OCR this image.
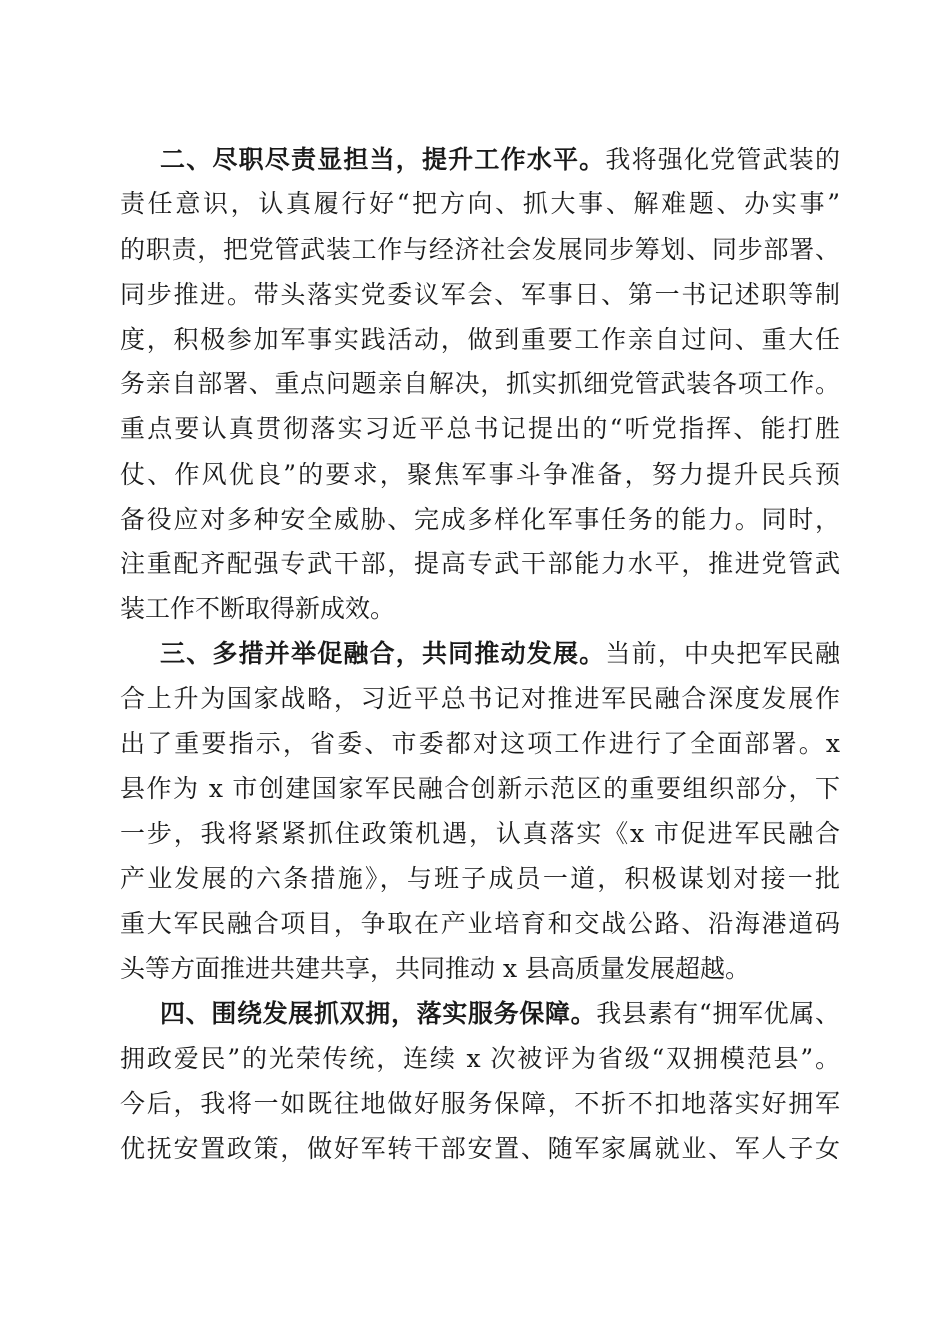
二、尽职尽责显担当，提升工作水平。我将强化党管武装的
责任意识，认真履行好“把方向、抓大事、解难题、办实事”
的职责，把党管武装工作与经济社会发展同步筹划、同步部署、
同步推进。带头落实党委议军会、军事日、第一书记述职等制
度，积极参加军事实践活动，做到重要工作亲自过问、重大任
务亲自部署、重点问题亲自解决，抓实抓细党管武装各项工作。
重点要认真贯彻落实习近平总书记提出的“听党指挥、能打胜
仗、作风优良”的要求，聚焦军事斗争准备，努力提升民兵预
备役应对多种安全威胁、完成多样化军事任务的能力。同时，
注重配齐配强专武干部，提高专武干部能力水平，推进党管武
装工作不断取得新成效。
三、多措并举促融合，共同推动发展。当前，中央把军民融
合上升为国家战略，习近平总书记对推进军民融合深度发展作
出了重要指示，省委、市委都对这项工作进行了全面部署。x
县作为 x 市创建国家军民融合创新示范区的重要组织部分，下
一步，我将紧紧抓住政策机遇，认真落实《x 市促进军民融合
产业发展的六条措施》，与班子成员一道，积极谋划对接一批
重大军民融合项目，争取在产业培育和交战公路、沿海港道码
头等方面推进共建共享，共同推动 x 县高质量发展超越。
四、围绕发展抓双拥，落实服务保障。我县素有“拥军优属、
拥政爱民”的光荣传统，连续 x 次被评为省级“双拥模范县”。
今后，我将一如既往地做好服务保障，不折不扣地落实好拥军
优抚安置政策，做好军转干部安置、随军家属就业、军人子女
